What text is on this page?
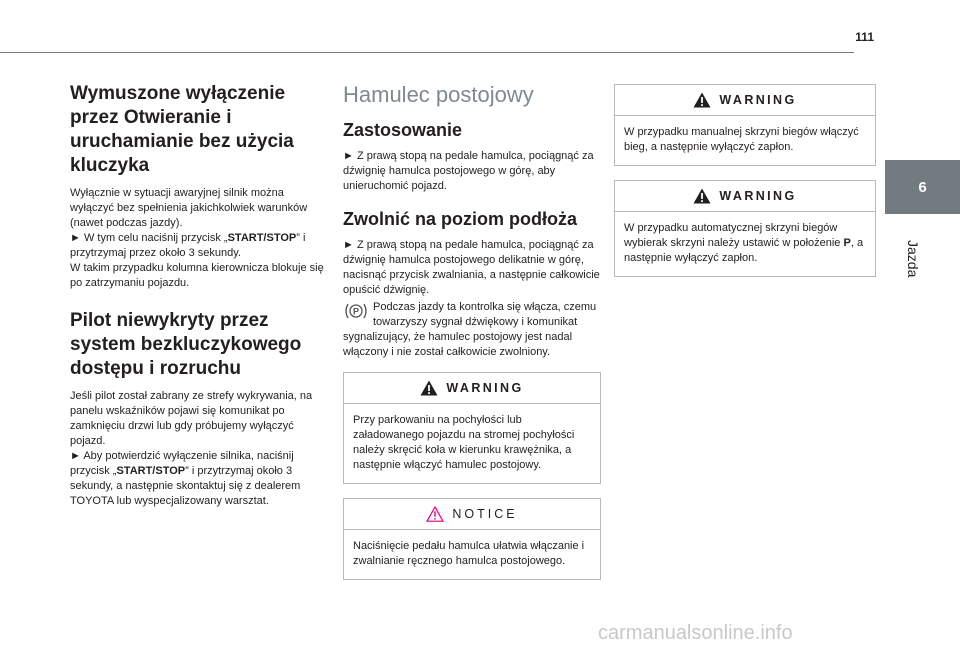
111
6
Jazda
Wymuszone wyłączenie przez Otwieranie i uruchamianie bez użycia kluczyka

Wyłącznie w sytuacji awaryjnej silnik można wyłączyć bez spełnienia jakichkolwiek warunków (nawet podczas jazdy).

► W tym celu naciśnij przycisk „START/STOP” i przytrzymaj przez około 3 sekundy.

W takim przypadku kolumna kierownicza blokuje się po zatrzymaniu pojazdu.

Pilot niewykryty przez system bezkluczykowego dostępu i rozruchu

Jeśli pilot został zabrany ze strefy wykrywania, na panelu wskaźników pojawi się komunikat po zamknięciu drzwi lub gdy próbujemy wyłączyć pojazd.
► Aby potwierdzić wyłączenie silnika, naciśnij przycisk „START/STOP” i przytrzymaj około 3 sekundy, a następnie skontaktuj się z dealerem TOYOTA lub wyspecjalizowany warsztat.

Hamulec postojowy
Zastosowanie

► Z prawą stopą na pedale hamulca, pociągnąć za dźwignię hamulca postojowego w górę, aby unieruchomić pojazd.

Zwolnić na poziom podłoża

► Z prawą stopą na pedale hamulca, pociągnąć za dźwignię hamulca postojowego delikatnie w górę, nacisnąć przycisk zwalniania, a następnie całkowicie opuścić dźwignię.

P Podczas jazdy ta kontrolka się włącza, czemu towarzyszy sygnał dźwiękowy i komunikat sygnalizujący, że hamulec postojowy jest nadal włączony i nie został całkowicie zwolniony.

WARNING

Przy parkowaniu na pochyłości lub załadowanego pojazdu na stromej pochyłości należy skręcić koła w kierunku krawężnika, a następnie włączyć hamulec postojowy.

NOTICE

Naciśnięcie pedału hamulca ułatwia włączanie i zwalnianie ręcznego hamulca postojowego.

WARNING

W przypadku manualnej skrzyni biegów włączyć bieg, a następnie wyłączyć zapłon.

WARNING

W przypadku automatycznej skrzyni biegów wybierak skrzyni należy ustawić w położenie P, a następnie wyłączyć zapłon.

carmanualsonline.info
